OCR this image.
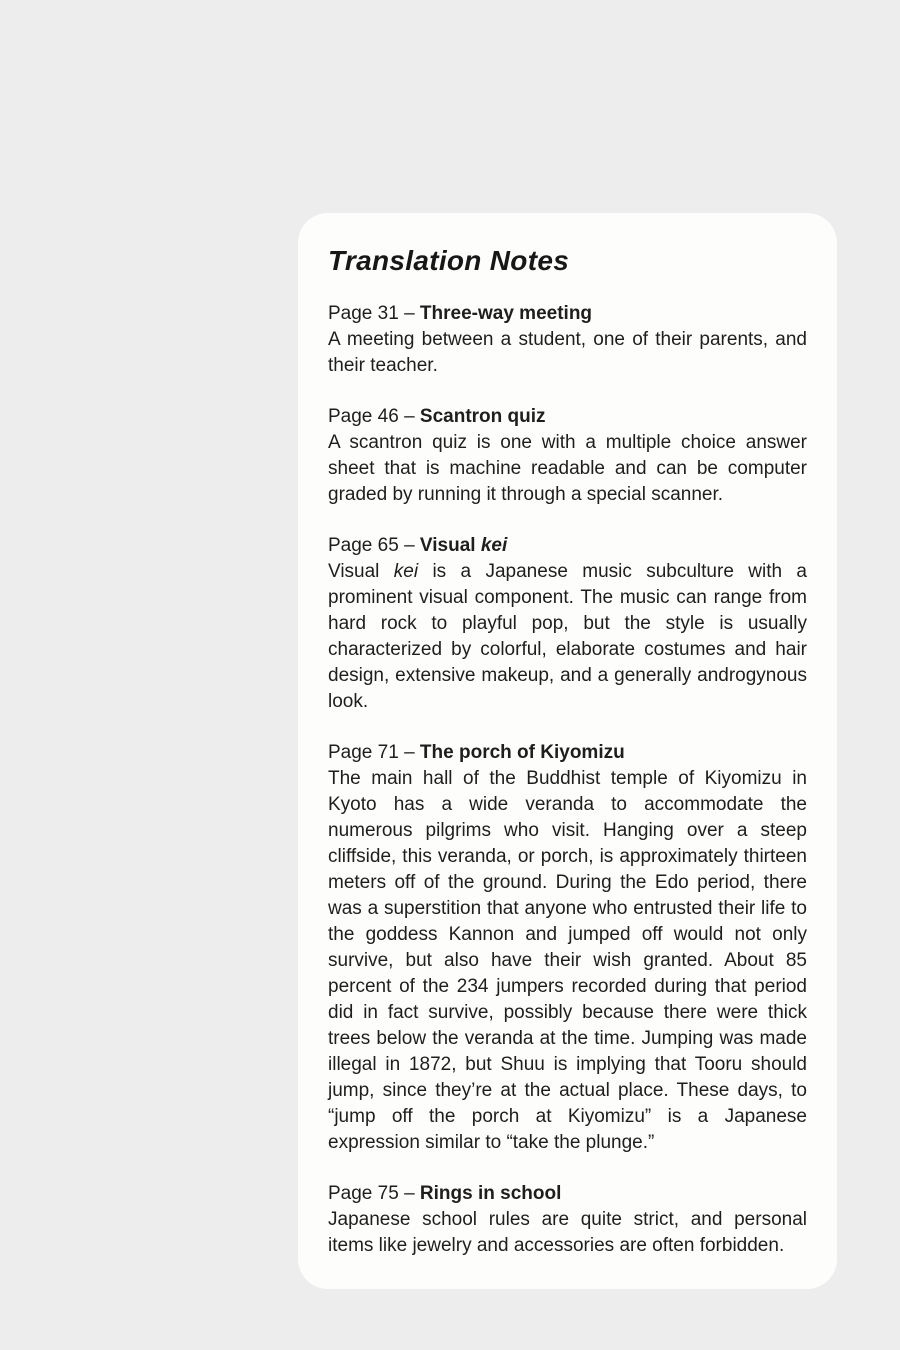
Translation Notes
Page 31 – Three-way meeting

A meeting between a student, one of their parents, and their teacher.

Page 46 – Scantron quiz

A scantron quiz is one with a multiple choice answer sheet that is machine readable and can be computer graded by running it through a special scanner.

Page 65 – Visual kei

Visual kei is a Japanese music subculture with a prominent visual component. The music can range from hard rock to playful pop, but the style is usually characterized by colorful, elaborate costumes and hair design, extensive makeup, and a generally androgynous look.

Page 71 – The porch of Kiyomizu

The main hall of the Buddhist temple of Kiyomizu in Kyoto has a wide veranda to accommodate the numerous pilgrims who visit. Hanging over a steep cliffside, this veranda, or porch, is approximately thirteen meters off of the ground. During the Edo period, there was a superstition that anyone who entrusted their life to the goddess Kannon and jumped off would not only survive, but also have their wish granted. About 85 percent of the 234 jumpers recorded during that period did in fact survive, possibly because there were thick trees below the veranda at the time. Jumping was made illegal in 1872, but Shuu is implying that Tooru should jump, since they’re at the actual place. These days, to “jump off the porch at Kiyomizu” is a Japanese expression similar to “take the plunge.”

Page 75 – Rings in school

Japanese school rules are quite strict, and personal items like jewelry and accessories are often forbidden.
